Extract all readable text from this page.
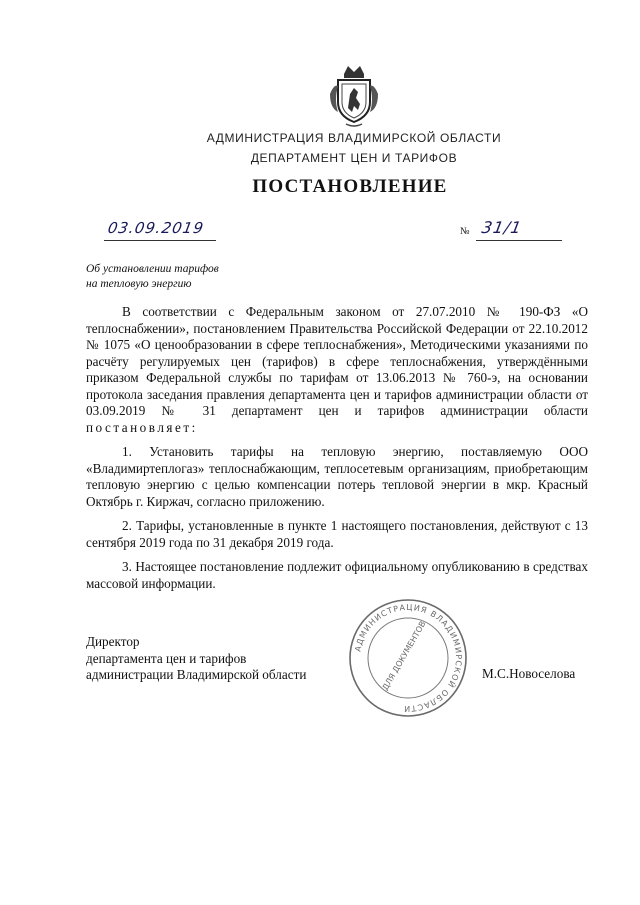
АДМИНИСТРАЦИЯ ВЛАДИМИРСКОЙ ОБЛАСТИ
ДЕПАРТАМЕНТ ЦЕН И ТАРИФОВ
ПОСТАНОВЛЕНИЕ
03.09.2019	№ 31/1
Об установлении тарифов
на тепловую энергию

В соответствии с Федеральным законом от 27.07.2010 № 190-ФЗ «О теплоснабжении», постановлением Правительства Российской Федерации от 22.10.2012 № 1075 «О ценообразовании в сфере теплоснабжения», Методическими указаниями по расчёту регулируемых цен (тарифов) в сфере теплоснабжения, утверждёнными приказом Федеральной службы по тарифам от 13.06.2013 № 760-э, на основании протокола заседания правления департамента цен и тарифов администрации области от 03.09.2019 № 31 департамент цен и тарифов администрации области постановляет:

1. Установить тарифы на тепловую энергию, поставляемую ООО «Владимиртеплогаз» теплоснабжающим, теплосетевым организациям, приобретающим тепловую энергию с целью компенсации потерь тепловой энергии в мкр. Красный Октябрь г. Киржач, согласно приложению.

2. Тарифы, установленные в пункте 1 настоящего постановления, действуют с 13 сентября 2019 года по 31 декабря 2019 года.

3. Настоящее постановление подлежит официальному опубликованию в средствах массовой информации.

Директор
департамента цен и тарифов
администрации Владимирской области	М.С.Новоселова
АДМИНИСТРАЦИЯ ВЛАДИМИРСКОЙ ОБЛАСТИ
ДЛЯ ДОКУМЕНТОВ
